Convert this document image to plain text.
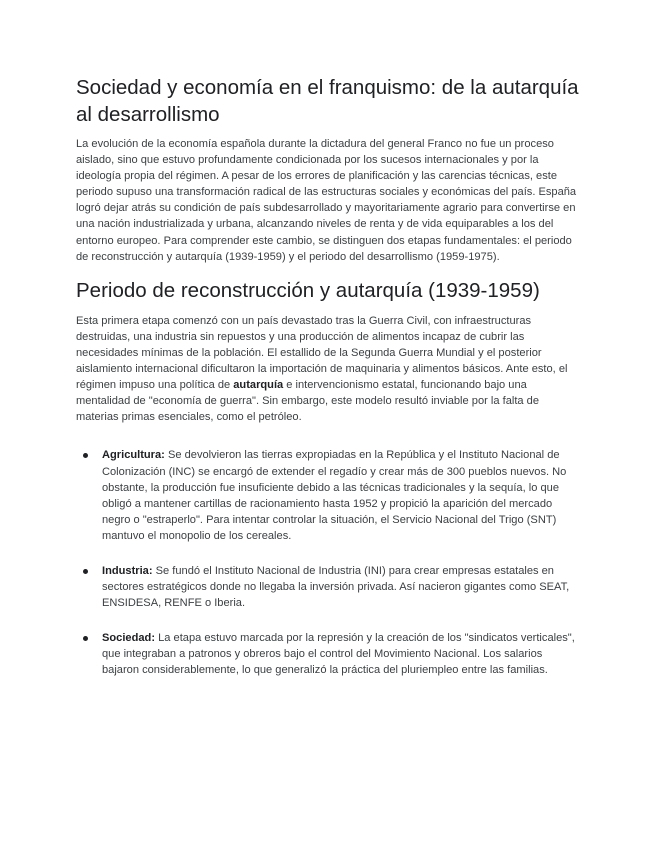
Sociedad y economía en el franquismo: de la autarquía al desarrollismo

La evolución de la economía española durante la dictadura del general Franco no fue un proceso aislado, sino que estuvo profundamente condicionada por los sucesos internacionales y por la ideología propia del régimen. A pesar de los errores de planificación y las carencias técnicas, este periodo supuso una transformación radical de las estructuras sociales y económicas del país. España logró dejar atrás su condición de país subdesarrollado y mayoritariamente agrario para convertirse en una nación industrializada y urbana, alcanzando niveles de renta y de vida equiparables a los del entorno europeo. Para comprender este cambio, se distinguen dos etapas fundamentales: el periodo de reconstrucción y autarquía (1939-1959) y el periodo del desarrollismo (1959-1975).

Periodo de reconstrucción y autarquía (1939-1959)

Esta primera etapa comenzó con un país devastado tras la Guerra Civil, con infraestructuras destruidas, una industria sin repuestos y una producción de alimentos incapaz de cubrir las necesidades mínimas de la población. El estallido de la Segunda Guerra Mundial y el posterior aislamiento internacional dificultaron la importación de maquinaria y alimentos básicos. Ante esto, el régimen impuso una política de autarquía e intervencionismo estatal, funcionando bajo una mentalidad de "economía de guerra". Sin embargo, este modelo resultó inviable por la falta de materias primas esenciales, como el petróleo.

Agricultura: Se devolvieron las tierras expropiadas en la República y el Instituto Nacional de Colonización (INC) se encargó de extender el regadío y crear más de 300 pueblos nuevos. No obstante, la producción fue insuficiente debido a las técnicas tradicionales y la sequía, lo que obligó a mantener cartillas de racionamiento hasta 1952 y propició la aparición del mercado negro o "estraperlo". Para intentar controlar la situación, el Servicio Nacional del Trigo (SNT) mantuvo el monopolio de los cereales.
Industria: Se fundó el Instituto Nacional de Industria (INI) para crear empresas estatales en sectores estratégicos donde no llegaba la inversión privada. Así nacieron gigantes como SEAT, ENSIDESA, RENFE o Iberia.
Sociedad: La etapa estuvo marcada por la represión y la creación de los "sindicatos verticales", que integraban a patronos y obreros bajo el control del Movimiento Nacional. Los salarios bajaron considerablemente, lo que generalizó la práctica del pluriempleo entre las familias.
